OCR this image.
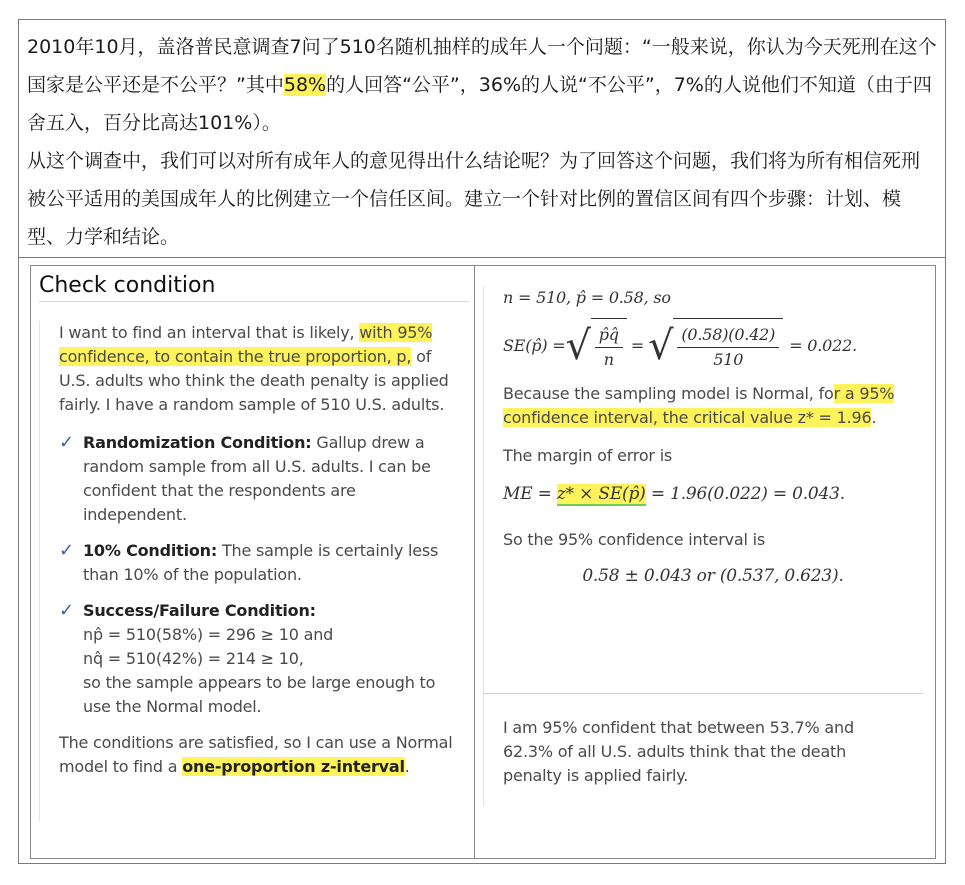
2010年10月，盖洛普民意调查7问了510名随机抽样的成年人一个问题：“一般来说，你认为今天死刑在这个国家是公平还是不公平？”其中58%的人回答“公平”，36%的人说“不公平”，7%的人说他们不知道（由于四舍五入，百分比高达101%）。

从这个调查中，我们可以对所有成年人的意见得出什么结论呢？为了回答这个问题，我们将为所有相信死刑被公平适用的美国成年人的比例建立一个信任区间。建立一个针对比例的置信区间有四个步骤：计划、模型、力学和结论。

Check condition

I want to find an interval that is likely, with 95% confidence, to contain the true proportion, p, of U.S. adults who think the death penalty is applied fairly. I have a random sample of 510 U.S. adults.

✓ Randomization Condition: Gallup drew a random sample from all U.S. adults. I can be confident that the respondents are independent.
✓ 10% Condition: The sample is certainly less than 10% of the population.
✓ Success/Failure Condition:
np̂ = 510(58%) = 296 ≥ 10 and
nq̂ = 510(42%) = 214 ≥ 10,
so the sample appears to be large enough to use the Normal model.

The conditions are satisfied, so I can use a Normal model to find a one-proportion z-interval.

n = 510, p̂ = 0.58, so
SE(p̂) = √ $\frac{p̂q̂}{n}$ = √ $\frac{(0.58)(0.42)}{510} = 0.022$.

Because the sampling model is Normal, for a 95% confidence interval, the critical value z* = 1.96.

The margin of error is

ME = z* × SE(p̂) = 1.96(0.022) = 0.043.

So the 95% confidence interval is

0.58 ± 0.043 or (0.537, 0.623).
I am 95% confident that between 53.7% and 62.3% of all U.S. adults think that the death penalty is applied fairly.
